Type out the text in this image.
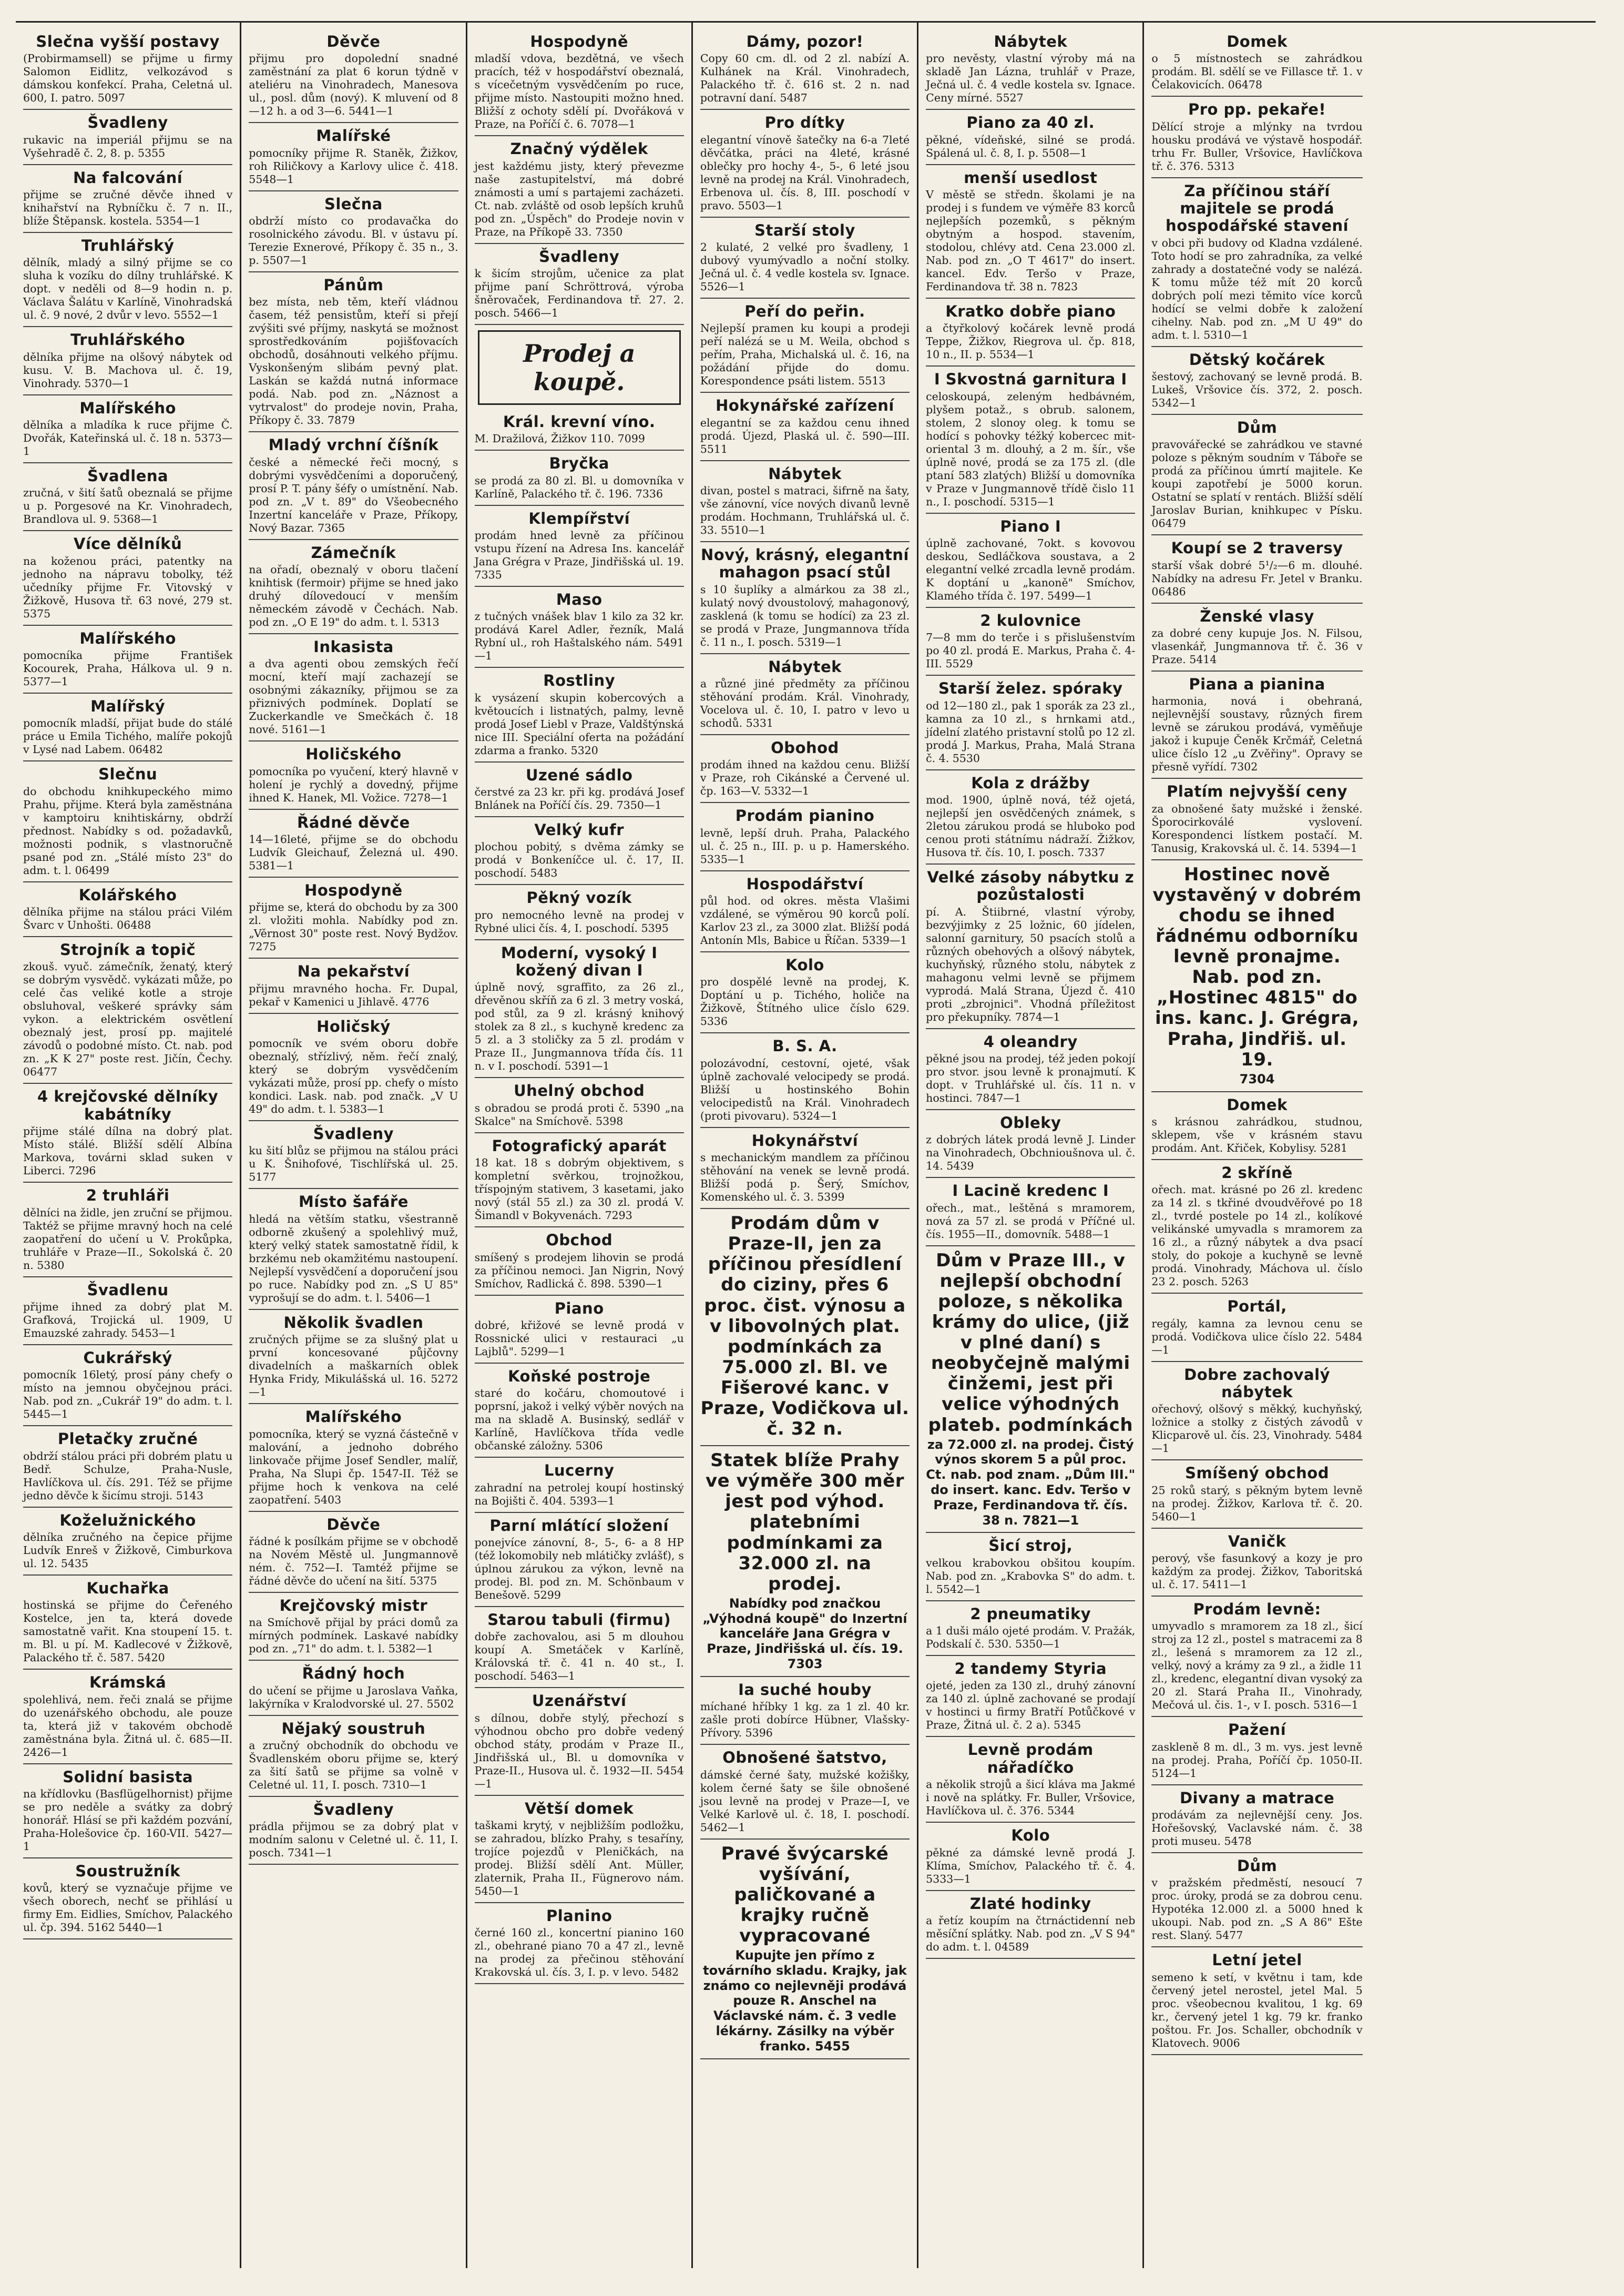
Slečna vyšší postavy

(Probirmamsell) se přijme u firmy Salomon Eidlitz, velkozávod s dámskou konfekcí. Praha, Celetná ul. 600, I. patro. 5097

Švadleny

rukavic na imperiál přijmu se na Vyšehradě č. 2, 8. p. 5355

Na falcování

přijme se zručné děvče ihned v knihařství na Rybníčku č. 7 n. II., blíže Štěpansk. kostela. 5354—1

Truhlářský

dělník, mladý a silný přijme se co sluha k vozíku do dílny truhlářské. K dopt. v neděli od 8—9 hodin n. p. Václava Šalátu v Karlíně, Vinohradská ul. č. 9 nové, 2 dvůr v levo. 5552—1

Truhlářského

dělníka přijme na olšový nábytek od kusu. V. B. Machova ul. č. 19, Vinohrady. 5370—1

Malířského

dělníka a mladíka k ruce přijme Č. Dvořák, Kateřinská ul. č. 18 n. 5373—1

Švadlena

zručná, v šití šatů obeznalá se přijme u p. Porgesové na Kr. Vinohradech, Brandlova ul. 9. 5368—1

Více dělníků

na koženou práci, patentky na jednoho na nápravu tobolky, též učedníky přijme Fr. Vitovský v Žižkově, Husova tř. 63 nové, 279 st. 5375

Malířského

pomocníka přijme František Kocourek, Praha, Hálkova ul. 9 n. 5377—1

Malířský

pomocník mladší, přijat bude do stálé práce u Emila Tichého, malíře pokojů v Lysé nad Labem. 06482

Slečnu

do obchodu knihkupeckého mimo Prahu, přijme. Která byla zaměstnána v kamptoiru knihtiskárny, obdrží přednost. Nabídky s od. požadavků, možnosti podnik, s vlastnoručně psané pod zn. „Stálé místo 23" do adm. t. l. 06499

Kolářského

dělníka přijme na stálou práci Vilém Švarc v Unhošti. 06488

Strojník a topič

zkouš. vyuč. zámečník, ženatý, který se dobrým vysvědč. vykázati může, po celé čas veliké kotle a stroje obsluhoval, veškeré správky sám vykon. a elektrickém osvětlení obeznalý jest, prosí pp. majitelé závodů o podobné místo. Ct. nab. pod zn. „K K 27" poste rest. Jičín, Čechy. 06477

4 krejčovské dělníky kabátníky

přijme stálé dílna na dobrý plat. Místo stálé. Bližší sdělí Albína Markova, továrni sklad suken v Liberci. 7296

2 truhláři

dělníci na židle, jen zruční se přijmou. Taktéž se přijme mravný hoch na celé zaopatření do učení u V. Prokůpka, truhláře v Praze—II., Sokolská č. 20 n. 5380

Švadlenu

přijme ihned za dobrý plat M. Grafková, Trojická ul. 1909, U Emauzské zahrady. 5453—1

Cukrářský

pomocník 16letý, prosí pány chefy o místo na jemnou obyčejnou práci. Nab. pod zn. „Cukrář 19" do adm. t. l. 5445—1

Pletačky zručné

obdrží stálou práci při dobrém platu u Bedř. Schulze, Praha-Nusle, Havlíčkova ul. čís. 291. Též se přijme jedno děvče k šicímu stroji. 5143

Koželužnického

dělníka zručného na čepice přijme Ludvík Enreš v Žižkově, Cimburkova ul. 12. 5435

Kuchařka

hostinská se přijme do Čeřeného Kostelce, jen ta, která dovede samostatně vařit. Kna stoupení 15. t. m. Bl. u pí. M. Kadlecové v Žižkově, Palackého tř. č. 587. 5420

Krámská

spolehlivá, nem. řeči znalá se přijme do uzenářského obchodu, ale pouze ta, která již v takovém obchodě zaměstnána byla. Žitná ul. č. 685—II. 2426—1

Solidní basista

na křídlovku (Basflügelhornist) přijme se pro neděle a svátky za dobrý honorář. Hlásí se při každém pozvání, Praha-Holešovice čp. 160-VII. 5427—1

Soustružník

kovů, který se vyznačuje přijme ve všech oborech, nechť se přihlásí u firmy Em. Eidlies, Smíchov, Palackého ul. čp. 394. 5162 5440—1

Děvče

přijmu pro dopolední snadné zaměstnání za plat 6 korun týdně v ateliéru na Vinohradech, Manesova ul., posl. dům (nový). K mluvení od 8—12 h. a od 3—6. 5441—1

Malířské

pomocníky přijme R. Staněk, Žižkov, roh Riličkovy a Karlovy ulice č. 418. 5548—1

Slečna

obdrží místo co prodavačka do rosolnického závodu. Bl. v ústavu pí. Terezie Exnerové, Příkopy č. 35 n., 3. p. 5507—1

Pánům

bez místa, neb těm, kteří vládnou časem, též pensistům, kteří si přejí zvýšiti své příjmy, naskytá se možnost sprostředkováním pojišťovacích obchodů, dosáhnouti velkého příjmu. Vyskonšeným slibám pevný plat. Laskán se každá nutná informace podá. Nab. pod zn. „Náznost a vytrvalost" do prodeje novin, Praha, Příkopy č. 33. 7879

Mladý vrchní číšník

české a německé řeči mocný, s dobrými vysvědčeními a doporučený, prosí P. T. pány šéfy o umístnění. Nab. pod zn. „V t. 89" do Všeobecného Inzertní kanceláře v Praze, Příkopy, Nový Bazar. 7365

Zámečník

na ořadí, obeznalý v oboru tlačení knihtisk (fermoir) přijme se hned jako druhý dílovedoucí v menším německém závodě v Čechách. Nab. pod zn. „O E 19" do adm. t. l. 5313

Inkasista

a dva agenti obou zemských řečí mocní, kteří mají zachazejí se osobnými zákazníky, přijmou se za přiznivých podmínek. Doplatí se Zuckerkandle ve Smečkách č. 18 nové. 5161—1

Holičského

pomocníka po vyučení, který hlavně v holení je rychlý a dovedný, přijme ihned K. Hanek, Ml. Vožice. 7278—1

Řádné děvče

14—16leté, přijme se do obchodu Ludvík Gleichauf, Železná ul. 490. 5381—1

Hospodyně

přijme se, která do obchodu by za 300 zl. vložiti mohla. Nabídky pod zn. „Věrnost 30" poste rest. Nový Bydžov. 7275

Na pekařství

přijmu mravného hocha. Fr. Dupal, pekař v Kamenici u Jihlavě. 4776

Holičský

pomocník ve svém oboru dobře obeznalý, střízlivý, něm. řečí znalý, který se dobrým vysvědčením vykázati může, prosí pp. chefy o místo kondici. Lask. nab. pod značk. „V U 49" do adm. t. l. 5383—1

Švadleny

ku šití blůz se přijmou na stálou práci u K. Šnihofové, Tischlířská ul. 25. 5177

Místo šafáře

hledá na větším statku, všestranně odborně zkušený a spolehlivý muž, který velký statek samostatně řídil, k brzkému neb okamžitému nastoupení. Nejlepší vysvědčení a doporučení jsou po ruce. Nabídky pod zn. „S U 85" vyprošují se do adm. t. l. 5406—1

Několik švadlen

zručných přijme se za slušný plat u první koncesované půjčovny divadelních a maškarních oblek Hynka Fridy, Mikulášská ul. 16. 5272—1

Malířského

pomocníka, který se vyzná částečně v malování, a jednoho dobrého linkovače přijme Josef Sendler, malíř, Praha, Na Slupi čp. 1547-II. Též se přijme hoch k venkova na celé zaopatření. 5403

Děvče

řádné k posílkám přijme se v obchodě na Novém Městě ul. Jungmannově ném. č. 752—I. Tamtéž přijme se řádné děvče do učení na šití. 5375

Krejčovský mistr

na Smíchově přijal by práci domů za mírných podmínek. Laskavé nabídky pod zn. „71" do adm. t. l. 5382—1

Řádný hoch

do učení se přijme u Jaroslava Vaňka, lakýrníka v Kralodvorské ul. 27. 5502

Nějaký soustruh

a zručný obchodník do obchodu ve Švadlenském oboru přijme se, který za šití šatů se přijme sa volně v Celetné ul. 11, I. posch. 7310—1

Švadleny

prádla přijmou se za dobrý plat v modním salonu v Celetné ul. č. 11, I. posch. 7341—1

Hospodyně

mladší vdova, bezdětná, ve všech pracích, též v hospodářství obeznalá, s vícečetným vysvědčením po ruce, přijme místo. Nastoupiti možno hned. Bližší z ochoty sdělí pí. Dvořáková v Praze, na Poříčí č. 6. 7078—1

Značný výdělek

jest každému jisty, který převezme naše zastupitelství, má dobré známosti a umí s partajemi zacházeti. Ct. nab. zvláště od osob lepších kruhů pod zn. „Úspěch" do Prodeje novin v Praze, na Příkopě 33. 7350

Švadleny

k šicím strojům, učenice za plat přijme paní Schröttrová, výroba šněrovaček, Ferdinandova tř. 27. 2. posch. 5466—1

Prodej a koupě.
Král. krevní víno.

M. Dražilová, Žižkov 110. 7099

Bryčka

se prodá za 80 zl. Bl. u domovníka v Karlíně, Palackého tř. č. 196. 7336

Klempířství

prodám hned levně za příčinou vstupu řízení na Adresa Ins. kancelář Jana Grégra v Praze, Jindřišská ul. 19. 7335

Maso

z tučných vnášek blav 1 kilo za 32 kr. prodává Karel Adler, řezník, Malá Rybní ul., roh Haštalského nám. 5491—1

Rostliny

k vysázení skupin kobercových a květoucích i listnatých, palmy, levně prodá Josef Liebl v Praze, Valdštýnská nice III. Speciální oferta na požádání zdarma a franko. 5320

Uzené sádlo

čerstvé za 23 kr. při kg. prodává Josef Bnlánek na Poříčí čís. 29. 7350—1

Velký kufr

plochou pobitý, s dvěma zámky se prodá v Bonkeníčce ul. č. 17, II. poschodí. 5483

Pěkný vozík

pro nemocného levně na prodej v Rybné ulici čís. 4, I. poschodí. 5395

Moderní, vysoký I kožený divan I

úplně nový, sgraffito, za 26 zl., dřevěnou skříň za 6 zl. 3 metry voská, pod stůl, za 9 zl. krásný knihový stolek za 8 zl., s kuchyně kredenc za 5 zl. a 3 stoličky za 5 zl. prodám v Praze II., Jungmannova třída čís. 11 n. v I. poschodí. 5391—1

Uhelný obchod

s obradou se prodá proti č. 5390 „na Skalce" na Smíchově. 5398

Fotografický aparát

18 kat. 18 s dobrým objektivem, s kompletní svěrkou, trojnožkou, tříspojným stativem, 3 kasetami, jako nový (stál 55 zl.) za 30 zl. prodá V. Šimandl v Bokyvenách. 7293

Obchod

smíšený s prodejem lihovin se prodá za příčinou nemoci. Jan Nigrin, Nový Smíchov, Radlická č. 898. 5390—1

Piano

dobré, křižové se levně prodá v Rossnické ulici v restauraci „u Lajblů". 5299—1

Koňské postroje

staré do kočáru, chomoutové i poprsní, jakož i velký výběr nových na ma na skladě A. Businský, sedlář v Karlíně, Havlíčkova třída vedle občanské záložny. 5306

Lucerny

zahradní na petrolej koupí hostinský na Bojišti č. 404. 5393—1

Parní mlátící složení

ponejvíce zánovní, 8-, 5-, 6- a 8 HP (též lokomobily neb mlátičky zvlášť), s úplnou zárukou za výkon, levně na prodej. Bl. pod zn. M. Schönbaum v Benešově. 5299

Starou tabuli (firmu)

dobře zachovalou, asi 5 m dlouhou koupí A. Smetáček v Karlíně, Královská tř. č. 41 n. 40 st., I. poschodí. 5463—1

Uzenářství

s dílnou, dobře stylý, přechozí s výhodnou obcho pro dobře vedený obchod státy, prodám v Praze II., Jindřišská ul., Bl. u domovníka v Praze-II., Husova ul. č. 1932—II. 5454—1

Větší domek

taškami krytý, v nejbližším podložku, se zahradou, blízko Prahy, s tesaříny, trojíce pojezdů v Pleničkách, na prodej. Bližší sdělí Ant. Müller, zlaternik, Praha II., Fügnerovo nám. 5450—1

Planino

černé 160 zl., koncertní pianino 160 zl., obehrané piano 70 a 47 zl., levně na prodej za přečinou stěhování Krakovská ul. čís. 3, I. p. v levo. 5482

Dámy, pozor!

Copy 60 cm. dl. od 2 zl. nabízí A. Kulhánek na Král. Vinohradech, Palackého tř. č. 616 st. 2 n. nad potravní daní. 5487

Pro dítky

elegantní vínově šatečky na 6-a 7leté děvčátka, práci na 4leté, krásné oblečky pro hochy 4-, 5-, 6 leté jsou levně na prodej na Král. Vinohradech, Erbenova ul. čís. 8, III. poschodí v pravo. 5503—1

Starší stoly

2 kulaté, 2 velké pro švadleny, 1 dubový vyumývadlo a noční stolky. Ječná ul. č. 4 vedle kostela sv. Ignace. 5526—1

Peří do peřin.

Nejlepší pramen ku koupi a prodeji peří nalézá se u M. Weila, obchod s peřím, Praha, Michalská ul. č. 16, na požádání přijde do domu. Korespondence psáti listem. 5513

Hokynářské zařízení

elegantní se za každou cenu ihned prodá. Újezd, Plaská ul. č. 590—III. 5511

Nábytek

divan, postel s matraci, šifrně na šaty, vše zánovní, více nových divanů levně prodám. Hochmann, Truhlářská ul. č. 33. 5510—1

Nový, krásný, elegantní mahagon psací stůl

s 10 šuplíky a almárkou za 38 zl., kulatý nový dvoustolový, mahagonový, zasklená (k tomu se hodící) za 23 zl. se prodá v Praze, Jungmannova třída č. 11 n., I. posch. 5319—1

Nábytek

a různé jiné předměty za příčinou stěhování prodám. Král. Vinohrady, Vocelova ul. č. 10, I. patro v levo u schodů. 5331

Obohod

prodám ihned na každou cenu. Bližší v Praze, roh Cikánské a Červené ul. čp. 163—V. 5332—1

Prodám pianino

levně, lepší druh. Praha, Palackého ul. č. 25 n., III. p. u p. Hamerského. 5335—1

Hospodářství

půl hod. od okres. města Vlašimi vzdálené, se výměrou 90 korců polí. Karlov 23 zl., za 3000 zlat. Bližší podá Antonín Mls, Babice u Říčan. 5339—1

Kolo

pro dospělé levně na prodej, K. Doptání u p. Tichého, holiče na Žižkově, Štítného ulice číslo 629. 5336

B. S. A.

polozávodní, cestovní, ojeté, však úplně zachovalé velocipedy se prodá. Bližší u hostinského Bohin velocipedistů na Král. Vinohradech (proti pivovaru). 5324—1

Hokynářství

s mechanickým mandlem za příčinou stěhování na venek se levně prodá. Bližší podá p. Šerý, Smíchov, Komenského ul. č. 3. 5399

Prodám dům v Praze-II, jen za příčinou přesídlení do ciziny, přes 6 proc. čist. výnosu a v libovolných plat. podmínkách za 75.000 zl. Bl. ve Fišerové kanc. v Praze, Vodičkova ul. č. 32 n.

Statek blíže Prahy ve výměře 300 měr jest pod výhod. platebními podmínkami za 32.000 zl. na prodej.

Nabídky pod značkou „Výhodná koupě" do Inzertní kanceláře Jana Grégra v Praze, Jindřišská ul. čís. 19. 7303

Ia suché houby

míchané hříbky 1 kg. za 1 zl. 40 kr. zašle proti dobírce Hübner, Vlašsky-Přívory. 5396

Obnošené šatstvo,

dámské černé šaty, mužské kožišky, kolem černé šaty se šile obnošené jsou levně na prodej v Praze—I, ve Velké Karlově ul. č. 18, I. poschodí. 5462—1

Pravé švýcarské vyšívání, paličkované a krajky ručně vypracované

Kupujte jen přímo z továrního skladu. Krajky, jak známo co nejlevněji prodává pouze R. Anschel na Václavské nám. č. 3 vedle lékárny. Zásilky na výběr franko. 5455

Nábytek

pro nevěsty, vlastní výroby má na skladě Jan Lázna, truhlář v Praze, Ječná ul. č. 4 vedle kostela sv. Ignace. Ceny mírné. 5527

Piano za 40 zl.

pěkné, vídeňské, silné se prodá. Spálená ul. č. 8, I. p. 5508—1

menší usedlost

V městě se středn. školami je na prodej i s fundem ve výměře 83 korců nejlepších pozemků, s pěkným obytným a hospod. stavením, stodolou, chlévy atd. Cena 23.000 zl. Nab. pod zn. „O T 4617" do insert. kancel. Edv. Teršo v Praze, Ferdinandova tř. 38 n. 7823

Kratko dobře piano

a čtyřkolový kočárek levně prodá Teppe, Žižkov, Riegrova ul. čp. 818, 10 n., II. p. 5534—1

I Skvostná garnitura I

celoskoupá, zeleným hedbávném, plyšem potaž., s obrub. salonem, stolem, 2 slonoy oleg. k tomu se hodící s pohovky téžký kobercec mit-oriental 3 m. dlouhý, a 2 m. šír., vše úplně nové, prodá se za 175 zl. (dle ptaní 583 zlatých) Bližší u domovníka v Praze v Jungmannově třídě čislo 11 n., I. poschodí. 5315—1

Piano I

úplně zachované, 7okt. s kovovou deskou, Sedláčkova soustava, a 2 elegantní velké zrcadla levně prodám. K doptání u „kanoně" Smíchov, Klamého třída č. 197. 5499—1

2 kulovnice

7—8 mm do terče i s přislušenstvím po 40 zl. prodá E. Markus, Praha č. 4-III. 5529

Starší želez. spóraky

od 12—180 zl., pak 1 sporák za 23 zl., kamna za 10 zl., s hrnkami atd., jídelní zlatého pristavní stolů po 12 zl. prodá J. Markus, Praha, Malá Strana č. 4. 5530

Kola z drážby

mod. 1900, úplně nová, též ojetá, nejlepší jen osvědčených známek, s 2letou zárukou prodá se hluboko pod cenou proti státnímu nádraží. Žižkov, Husova tř. čís. 10, I. posch. 7337

Velké zásoby nábytku z pozůstalosti

pí. A. Štiibrné, vlastní výroby, bezvýjimky z 25 ložnic, 60 jídelen, salonní garnitury, 50 psacích stolů a různých obehových a olšový nábytek, kuchyňský, různého stolu, nábytek z mahagonu velmi levně se přijmem vyprodá. Malá Strana, Újezd č. 410 proti „zbrojnici". Vhodná příležitost pro překupníky. 7874—1

4 oleandry

pěkné jsou na prodej, též jeden pokojí pro stvor. jsou levně k pronajmutí. K dopt. v Truhlářské ul. čís. 11 n. v hostinci. 7847—1

Obleky

z dobrých látek prodá levně J. Linder na Vinohradech, Obchnioušnova ul. č. 14. 5439

I Lacině kredenc I

ořech., mat., leštěná s mramorem, nová za 57 zl. se prodá v Příčné ul. čís. 1955—II., domovník. 5488—1

Dům v Praze III., v nejlepší obchodní poloze, s několika krámy do ulice, (již v plné daní) s neobyčejně malými činžemi, jest při velice výhodných plateb. podmínkách

za 72.000 zl. na prodej. Čistý výnos skorem 5 a půl proc. Ct. nab. pod znam. „Dům III." do insert. kanc. Edv. Teršo v Praze, Ferdinandova tř. čís. 38 n. 7821—1

Šicí stroj,

velkou krabovkou obšitou koupím. Nab. pod zn. „Krabovka S" do adm. t. l. 5542—1

2 pneumatiky

a 1 duši málo ojeté prodám. V. Pražák, Podskalí č. 530. 5350—1

2 tandemy Styria

ojeté, jeden za 130 zl., druhý zánovní za 140 zl. úplně zachované se prodají v hostinci u firmy Bratří Potůčkové v Praze, Žitná ul. č. 2 a). 5345

Levně prodám nářadíčko

a několik strojů a šicí kláva ma Jakmé i nově na splátky. Fr. Buller, Vršovice, Havlíčkova ul. č. 376. 5344

Kolo

pěkné za dámské levně prodá J. Klíma, Smíchov, Palackého tř. č. 4. 5333—1

Zlaté hodinky

a řetíz koupím na čtrnáctidenní neb měsíční splátky. Nab. pod zn. „V S 94" do adm. t. l. 04589

Domek

o 5 místnostech se zahrádkou prodám. Bl. sdělí se ve Fillasce tř. 1. v Čelakovicích. 06478

Pro pp. pekaře!

Dělící stroje a mlýnky na tvrdou housku prodává ve výstavě hospodář. trhu Fr. Buller, Vršovice, Havlíčkova tř. č. 376. 5313

Za příčinou stáří majitele se prodá hospodářské stavení

v obci při budovy od Kladna vzdálené. Toto hodí se pro zahradníka, za velké zahrady a dostatečné vody se nalézá. K tomu může též mít 20 korců dobrých polí mezi těmito více korců hodící se velmi dobře k založení cihelny. Nab. pod zn. „M U 49" do adm. t. l. 5310—1

Dětský kočárek

šestový, zachovaný se levně prodá. B. Lukeš, Vršovice čís. 372, 2. posch. 5342—1

Dům

pravovářecké se zahrádkou ve stavné poloze s pěkným soudním v Táboře se prodá za příčinou úmrtí majitele. Ke koupi zapotřebí je 5000 korun. Ostatní se splatí v rentách. Bližší sdělí Jaroslav Burian, knihkupec v Písku. 06479

Koupí se 2 traversy

starší však dobré 5¹/₂—6 m. dlouhé. Nabídky na adresu Fr. Jetel v Branku. 06486

Ženské vlasy

za dobré ceny kupuje Jos. N. Filsou, vlasenkář, Jungmannova tř. č. 36 v Praze. 5414

Piana a pianina

harmonia, nová i obehraná, nejlevnější soustavy, různých firem levně se zárukou prodává, vyměňuje jakož i kupuje Čeněk Krčmář, Celetná ulice číslo 12 „u Zvěřiny". Opravy se přesně vyřídí. 7302

Platím nejvyšší ceny

za obnošené šaty mužské i ženské. Šporocirkoválé vyslovení. Korespondenci lístkem postačí. M. Tanusig, Krakovská ul. č. 14. 5394—1

Hostinec nově vystavěný v dobrém chodu se ihned řádnému odborníku levně pronajme. Nab. pod zn. „Hostinec 4815" do ins. kanc. J. Grégra, Praha, Jindřiš. ul. 19.

7304

Domek

s krásnou zahrádkou, studnou, sklepem, vše v krásném stavu prodám. Ant. Křiček, Kobylisy. 5281

2 skříně

ořech. mat. krásné po 26 zl. kredenc za 14 zl. s tkřiné dvoudvěřové po 18 zl., tvrdé postele po 14 zl., kolíkové velikánské umyvadla s mramorem za 16 zl., a různý nábytek a dva psací stoly, do pokoje a kuchyně se levně prodá. Vinohrady, Máchova ul. číslo 23 2. posch. 5263

Portál,

regály, kamna za levnou cenu se prodá. Vodičkova ulice číslo 22. 5484—1

Dobre zachovalý nábytek

ořechový, olšový s měkký, kuchyňský, ložnice a stolky z čistých závodů v Klicparově ul. čís. 23, Vinohrady. 5484—1

Smíšený obchod

25 roků starý, s pěkným bytem levně na prodej. Žižkov, Karlova tř. č. 20. 5460—1

Vaničk

perový, vše fasunkový a kozy je pro každým za prodej. Žižkov, Taboritská ul. č. 17. 5411—1

Prodám levně:

umyvadlo s mramorem za 18 zl., šicí stroj za 12 zl., postel s matracemi za 8 zl., lešená s mramorem za 12 zl., velký, nový a krámy za 9 zl., a židle 11 zl., kredenc, elegantní divan vysoký za 20 zl. Stará Praha II., Vinohrady, Mečová ul. čis. 1-, v I. posch. 5316—1

Pažení

zaskleně 8 m. dl., 3 m. vys. jest levně na prodej. Praha, Poříčí čp. 1050-II. 5124—1

Divany a matrace

prodávám za nejlevnější ceny. Jos. Hořešovský, Vaclavské nám. č. 38 proti museu. 5478

Dům

v pražském předměstí, nesoucí 7 proc. úroky, prodá se za dobrou cenu. Hypotéka 12.000 zl. a 5000 hned k ukoupi. Nab. pod zn. „S A 86" Ešte rest. Slaný. 5477

Letní jetel

semeno k setí, v květnu i tam, kde červený jetel nerostel, jetel Mal. 5 proc. všeobecnou kvalitou, 1 kg. 69 kr., červený jetel 1 kg. 79 kr. franko poštou. Fr. Jos. Schaller, obchodník v Klatovech. 9006
